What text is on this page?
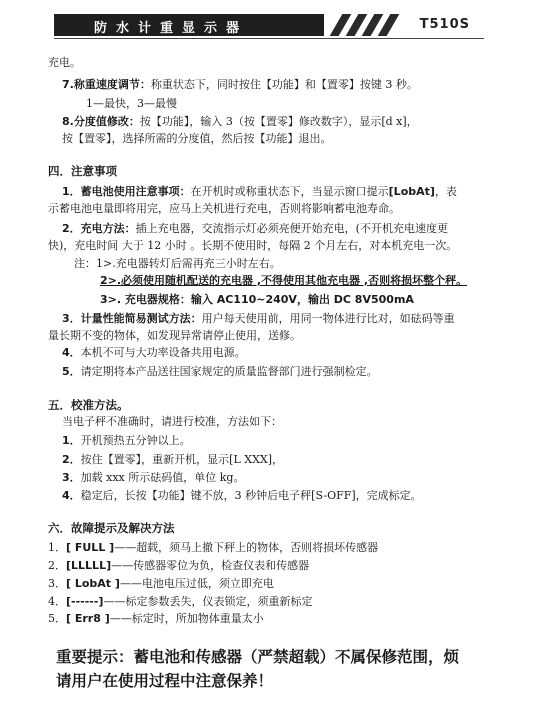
防水计重显示器	T510S
充电。
7.称重速度调节：称重状态下，同时按住【功能】和【置零】按键 3 秒。
1—最快，3—最慢
8.分度值修改：按【功能】，输入 3（按【置零】修改数字），显示[d x]，
按【置零】，选择所需的分度值，然后按【功能】退出。
四．注意事项
1．蓄电池使用注意事项：在开机时或称重状态下，当显示窗口提示[LobAt]，表
示蓄电池电量即将用完，应马上关机进行充电，否则将影响蓄电池寿命。
2．充电方法：插上充电器，交流指示灯必须亮便开始充电，(不开机充电速度更
快)，充电时间 大于 12 小时 。长期不使用时，每隔 2 个月左右，对本机充电一次。
注：1>.充电器转灯后需再充三小时左右。
2>.必须使用随机配送的充电器 ,不得使用其他充电器 ,否则将损坏整个秤。
3>. 充电器规格：输入 AC110~240V，输出 DC 8V500mA
3．计量性能简易测试方法：用户每天使用前，用同一物体进行比对，如砝码等重
量长期不变的物体，如发现异常请停止使用，送修。
4．本机不可与大功率设备共用电源。
5．请定期将本产品送往国家规定的质量监督部门进行强制检定。
五．校准方法。
当电子秤不准确时，请进行校准，方法如下：
1．开机预热五分钟以上。
2．按住【置零】，重新开机，显示[L XXX]，
3．加载 xxx 所示砝码值，单位 kg。
4．稳定后，长按【功能】键不放，3 秒钟后电子秤[S-OFF]，完成标定。
六．故障提示及解决方法
1．[ FULL ]——超载，须马上撤下秤上的物体，否则将损坏传感器
2．[LLLLL]——传感器零位为负，检查仪表和传感器
3．[ LobAt ]——电池电压过低，须立即充电
4．[------]——标定参数丢失，仪表锁定，须重新标定
5．[ Err8 ]——标定时，所加物体重量太小
重要提示：蓄电池和传感器（严禁超载）不属保修范围，烦
请用户在使用过程中注意保养！
